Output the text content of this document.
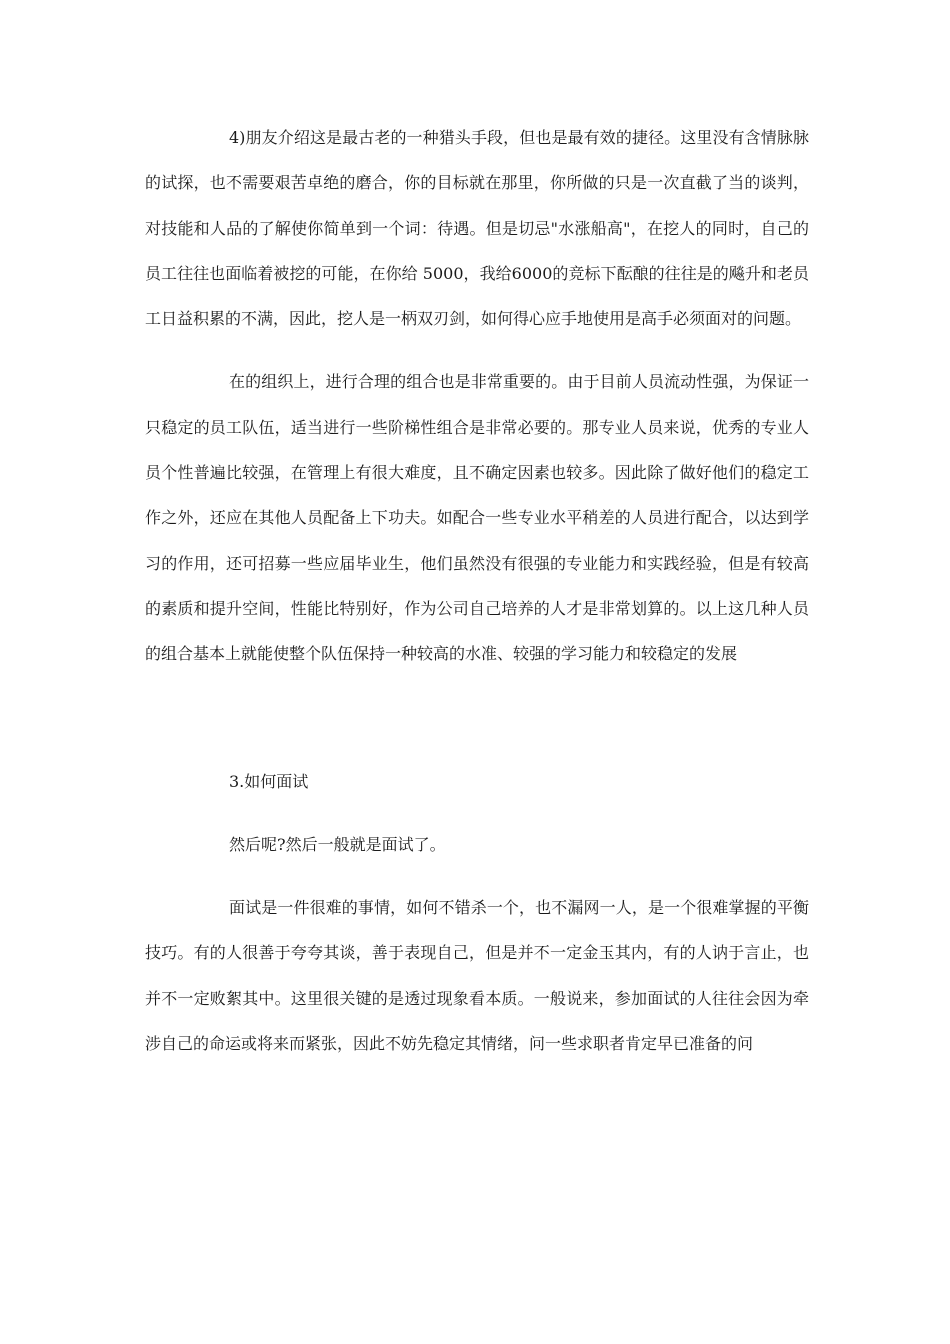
4)朋友介绍这是最古老的一种猎头手段，但也是最有效的捷径。这里没有含情脉脉的试探，也不需要艰苦卓绝的磨合，你的目标就在那里，你所做的只是一次直截了当的谈判，对技能和人品的了解使你简单到一个词：待遇。但是切忌"水涨船高"，在挖人的同时，自己的员工往往也面临着被挖的可能，在你给 5000，我给6000的竞标下酝酿的往往是的飚升和老员工日益积累的不满，因此，挖人是一柄双刃剑，如何得心应手地使用是高手必须面对的问题。

在的组织上，进行合理的组合也是非常重要的。由于目前人员流动性强，为保证一只稳定的员工队伍，适当进行一些阶梯性组合是非常必要的。那专业人员来说，优秀的专业人员个性普遍比较强，在管理上有很大难度，且不确定因素也较多。因此除了做好他们的稳定工作之外，还应在其他人员配备上下功夫。如配合一些专业水平稍差的人员进行配合，以达到学习的作用，还可招募一些应届毕业生，他们虽然没有很强的专业能力和实践经验，但是有较高的素质和提升空间，性能比特别好，作为公司自己培养的人才是非常划算的。以上这几种人员的组合基本上就能使整个队伍保持一种较高的水准、较强的学习能力和较稳定的发展

3.如何面试

然后呢?然后一般就是面试了。

面试是一件很难的事情，如何不错杀一个，也不漏网一人，是一个很难掌握的平衡技巧。有的人很善于夸夸其谈，善于表现自己，但是并不一定金玉其内，有的人讷于言止，也并不一定败絮其中。这里很关键的是透过现象看本质。一般说来，参加面试的人往往会因为牵涉自己的命运或将来而紧张，因此不妨先稳定其情绪，问一些求职者肯定早已准备的问
